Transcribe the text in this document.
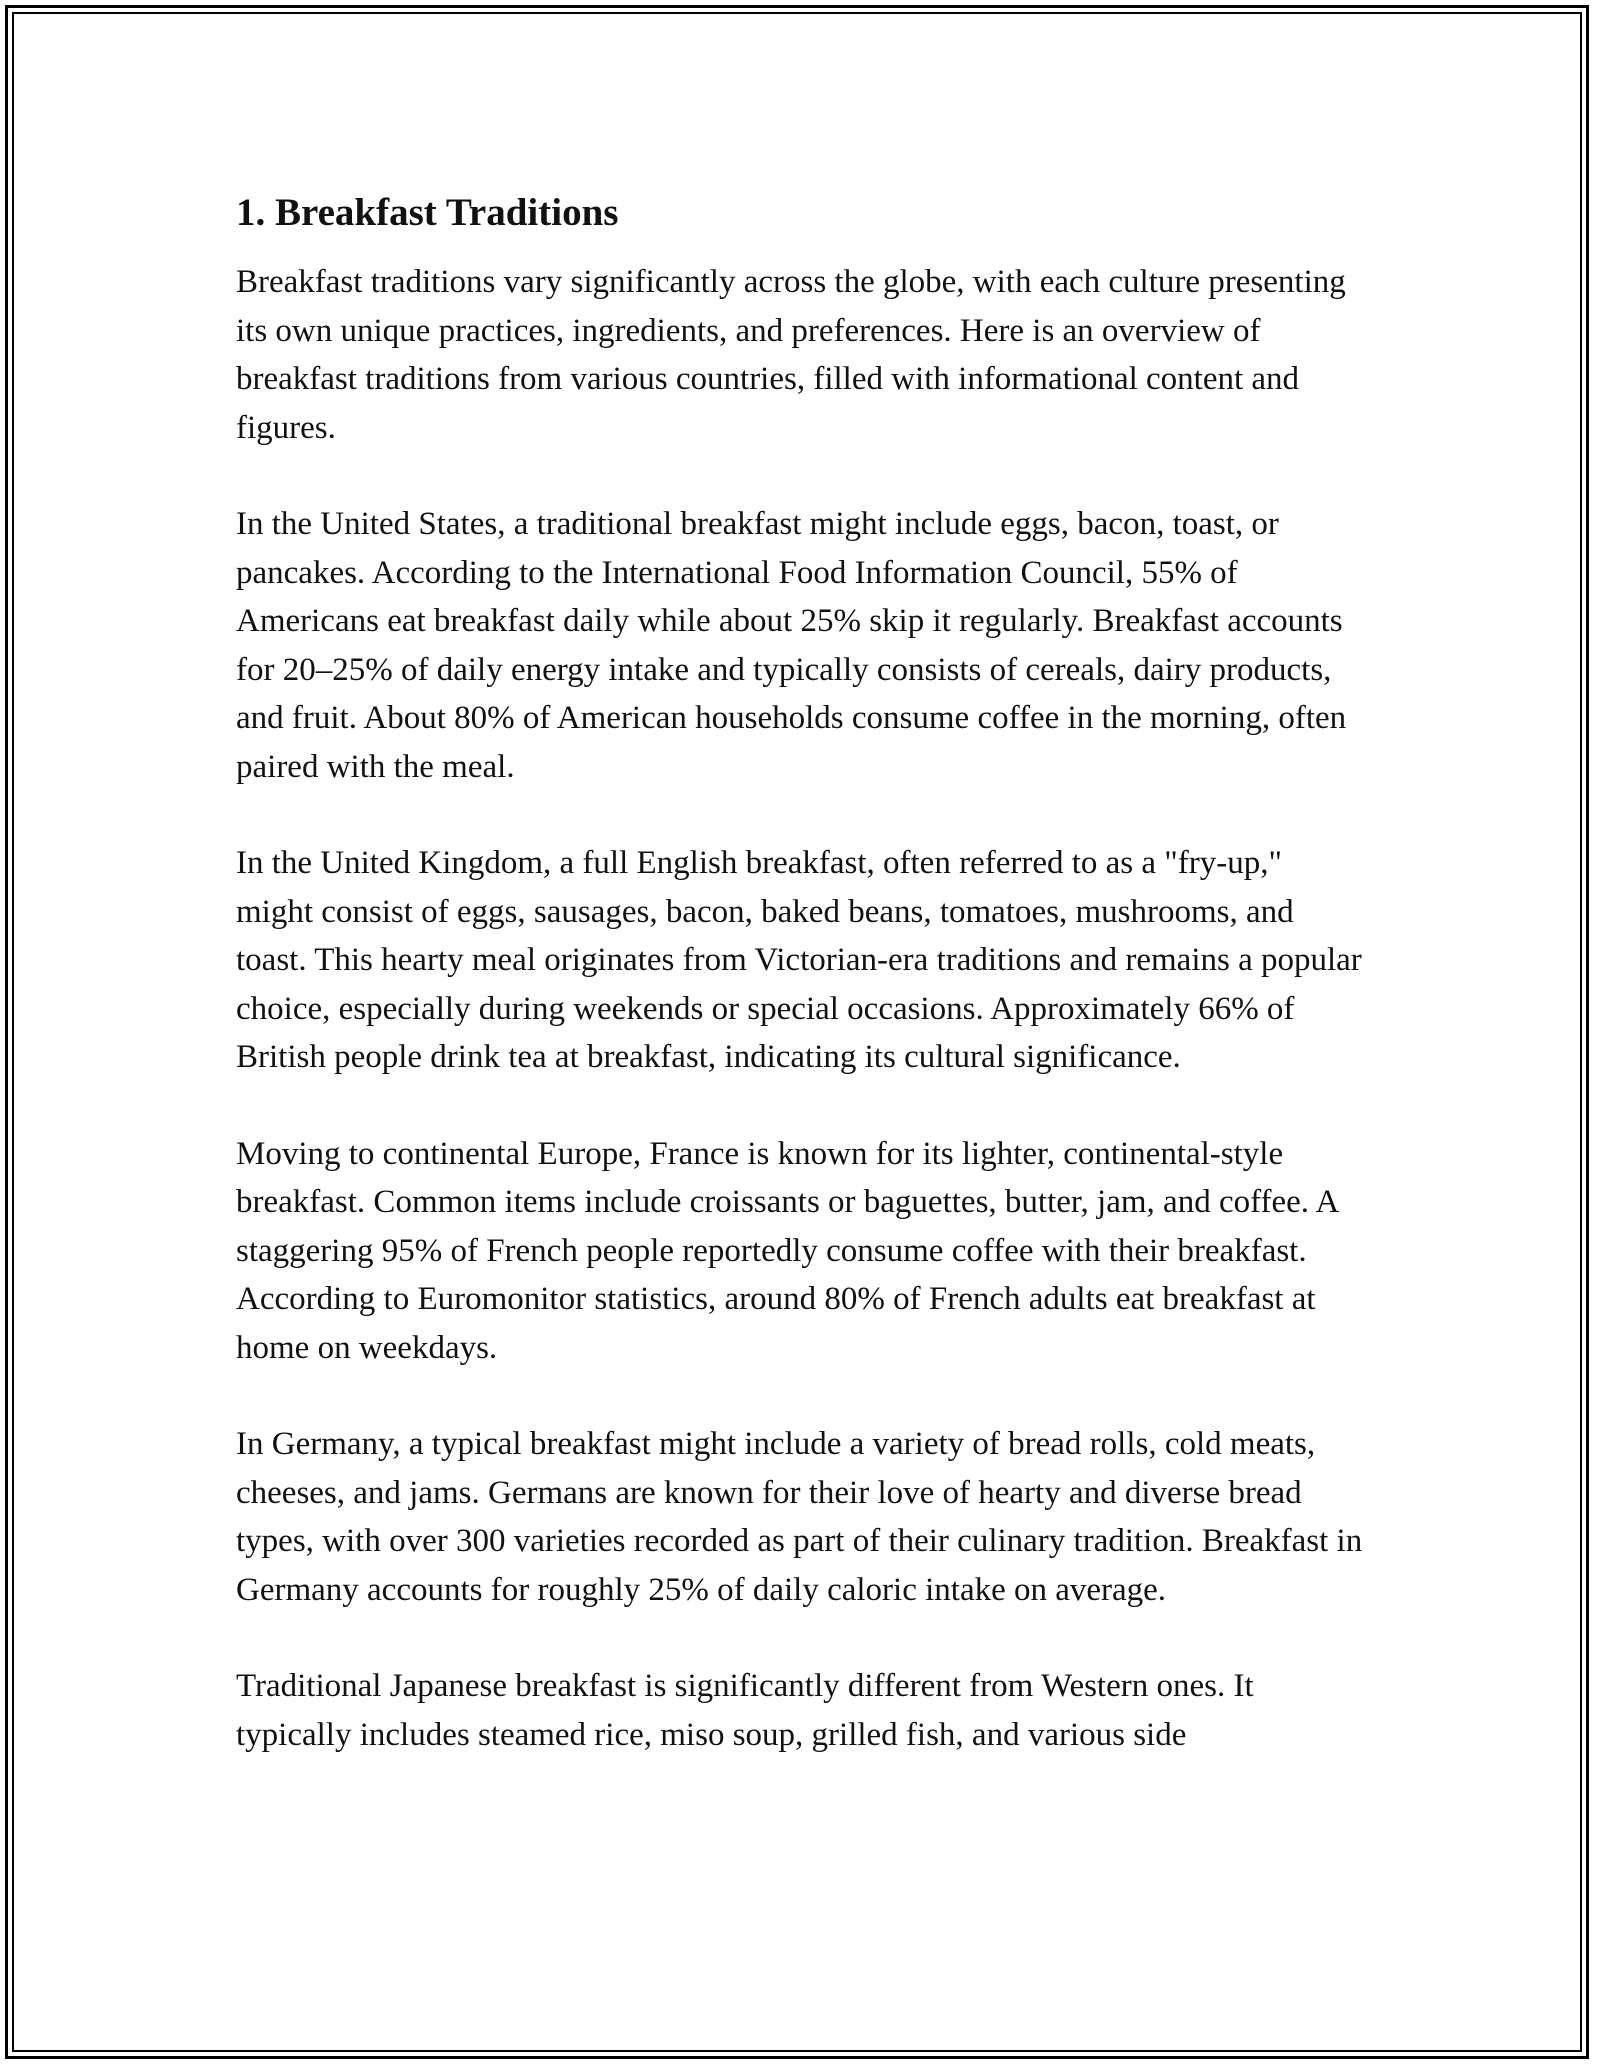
1. Breakfast Traditions

Breakfast traditions vary significantly across the globe, with each culture presenting its own unique practices, ingredients, and preferences. Here is an overview of breakfast traditions from various countries, filled with informational content and figures.

In the United States, a traditional breakfast might include eggs, bacon, toast, or pancakes. According to the International Food Information Council, 55% of Americans eat breakfast daily while about 25% skip it regularly. Breakfast accounts for 20–25% of daily energy intake and typically consists of cereals, dairy products, and fruit. About 80% of American households consume coffee in the morning, often paired with the meal.

In the United Kingdom, a full English breakfast, often referred to as a "fry-up," might consist of eggs, sausages, bacon, baked beans, tomatoes, mushrooms, and toast. This hearty meal originates from Victorian-era traditions and remains a popular choice, especially during weekends or special occasions. Approximately 66% of British people drink tea at breakfast, indicating its cultural significance.

Moving to continental Europe, France is known for its lighter, continental-style breakfast. Common items include croissants or baguettes, butter, jam, and coffee. A staggering 95% of French people reportedly consume coffee with their breakfast. According to Euromonitor statistics, around 80% of French adults eat breakfast at home on weekdays.

In Germany, a typical breakfast might include a variety of bread rolls, cold meats, cheeses, and jams. Germans are known for their love of hearty and diverse bread types, with over 300 varieties recorded as part of their culinary tradition. Breakfast in Germany accounts for roughly 25% of daily caloric intake on average.

Traditional Japanese breakfast is significantly different from Western ones. It typically includes steamed rice, miso soup, grilled fish, and various side
